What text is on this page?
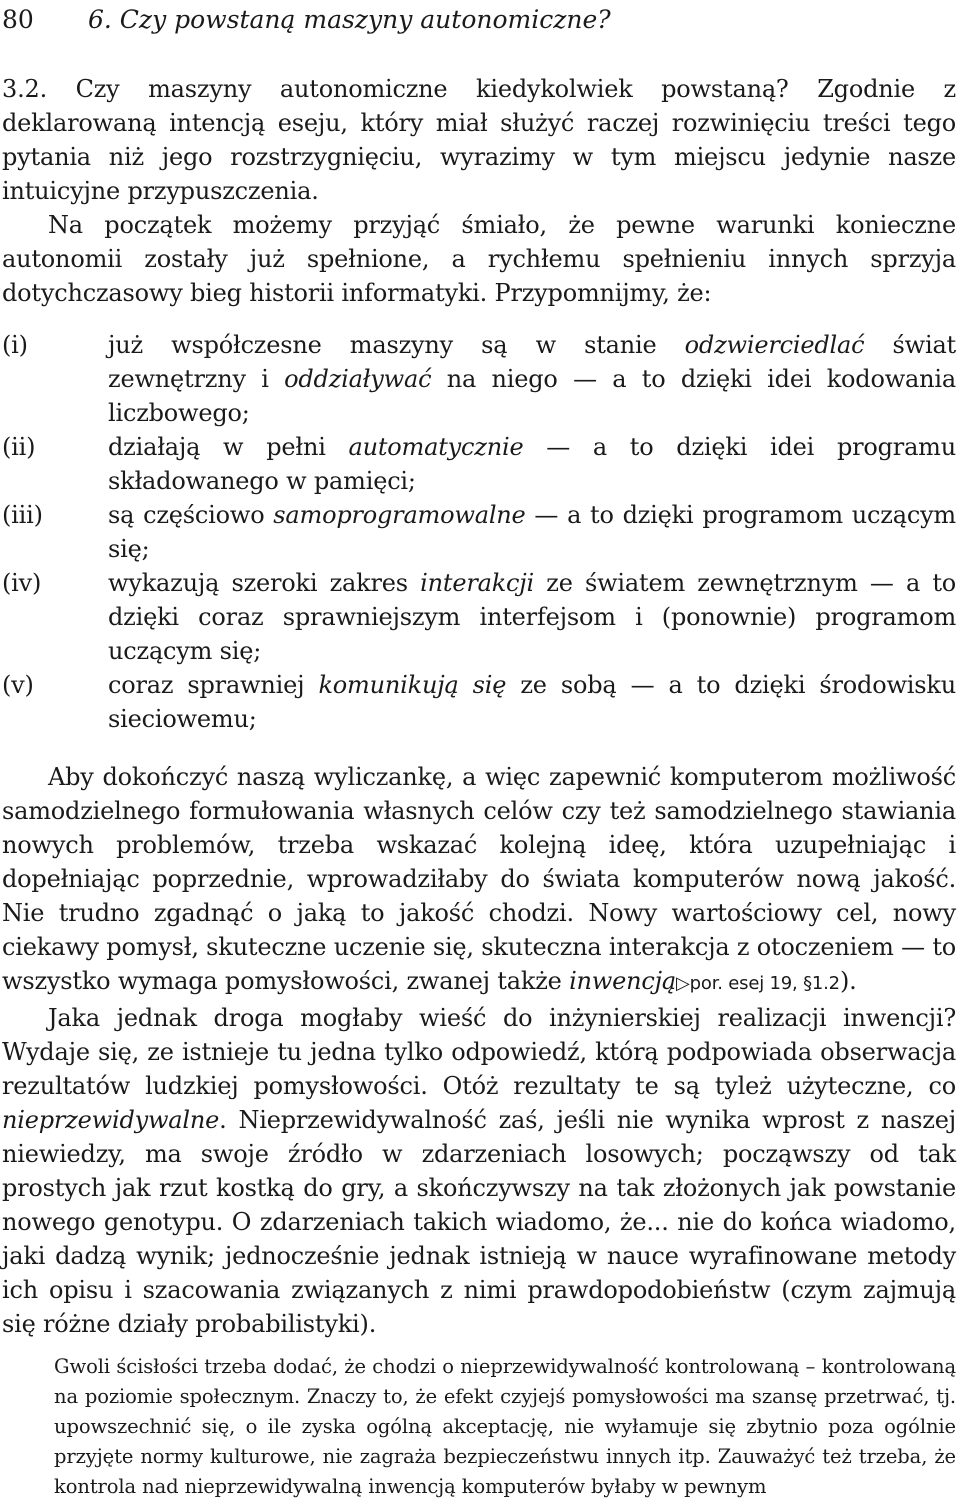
80 6. Czy powstaną maszyny autonomiczne?

3.2. Czy maszyny autonomiczne kiedykolwiek powstaną? Zgodnie z deklarowaną intencją eseju, który miał służyć raczej rozwinięciu treści tego pytania niż jego rozstrzygnięciu, wyrazimy w tym miejscu jedynie nasze intuicyjne przypuszczenia.

Na początek możemy przyjąć śmiało, że pewne warunki konieczne autonomii zostały już spełnione, a rychłemu spełnieniu innych sprzyja dotychczasowy bieg historii informatyki. Przypomnijmy, że:

(i)	już współczesne maszyny są w stanie odzwierciedlać świat zewnętrzny i oddziaływać na niego — a to dzięki idei kodowania liczbowego;
(ii)	działają w pełni automatycznie — a to dzięki idei programu składowanego w pamięci;
(iii)	są częściowo samoprogramowalne — a to dzięki programom uczącym się;
(iv)	wykazują szeroki zakres interakcji ze światem zewnętrznym — a to dzięki coraz sprawniejszym interfejsom i (ponownie) programom uczącym się;
(v)	coraz sprawniej komunikują się ze sobą — a to dzięki środowisku sieciowemu;

Aby dokończyć naszą wyliczankę, a więc zapewnić komputerom możliwość samodzielnego formułowania własnych celów czy też samodzielnego stawiania nowych problemów, trzeba wskazać kolejną ideę, która uzupełniając i dopełniając poprzednie, wprowadziłaby do świata komputerów nową jakość. Nie trudno zgadnąć o jaką to jakość chodzi. Nowy wartościowy cel, nowy ciekawy pomysł, skuteczne uczenie się, skuteczna interakcja z otoczeniem — to wszystko wymaga pomysłowości, zwanej także inwencją▷por. esej 19, §1.2).

Jaka jednak droga mogłaby wieść do inżynierskiej realizacji inwencji? Wydaje się, ze istnieje tu jedna tylko odpowiedź, którą podpowiada obserwacja rezultatów ludzkiej pomysłowości. Otóż rezultaty te są tyleż użyteczne, co nieprzewidywalne. Nieprzewidywalność zaś, jeśli nie wynika wprost z naszej niewiedzy, ma swoje źródło w zdarzeniach losowych; począwszy od tak prostych jak rzut kostką do gry, a skończywszy na tak złożonych jak powstanie nowego genotypu. O zdarzeniach takich wiadomo, że... nie do końca wiadomo, jaki dadzą wynik; jednocześnie jednak istnieją w nauce wyrafinowane metody ich opisu i szacowania związanych z nimi prawdopodobieństw (czym zajmują się różne działy probabilistyki).

Gwoli ścisłości trzeba dodać, że chodzi o nieprzewidywalność kontrolowaną – kontrolowaną na poziomie społecznym. Znaczy to, że efekt czyjejś pomysłowości ma szansę przetrwać, tj. upowszechnić się, o ile zyska ogólną akceptację, nie wyłamuje się zbytnio poza ogólnie przyjęte normy kulturowe, nie zagraża bezpieczeństwu innych itp. Zauważyć też trzeba, że kontrola nad nieprzewidywalną inwencją komputerów byłaby w pewnym
